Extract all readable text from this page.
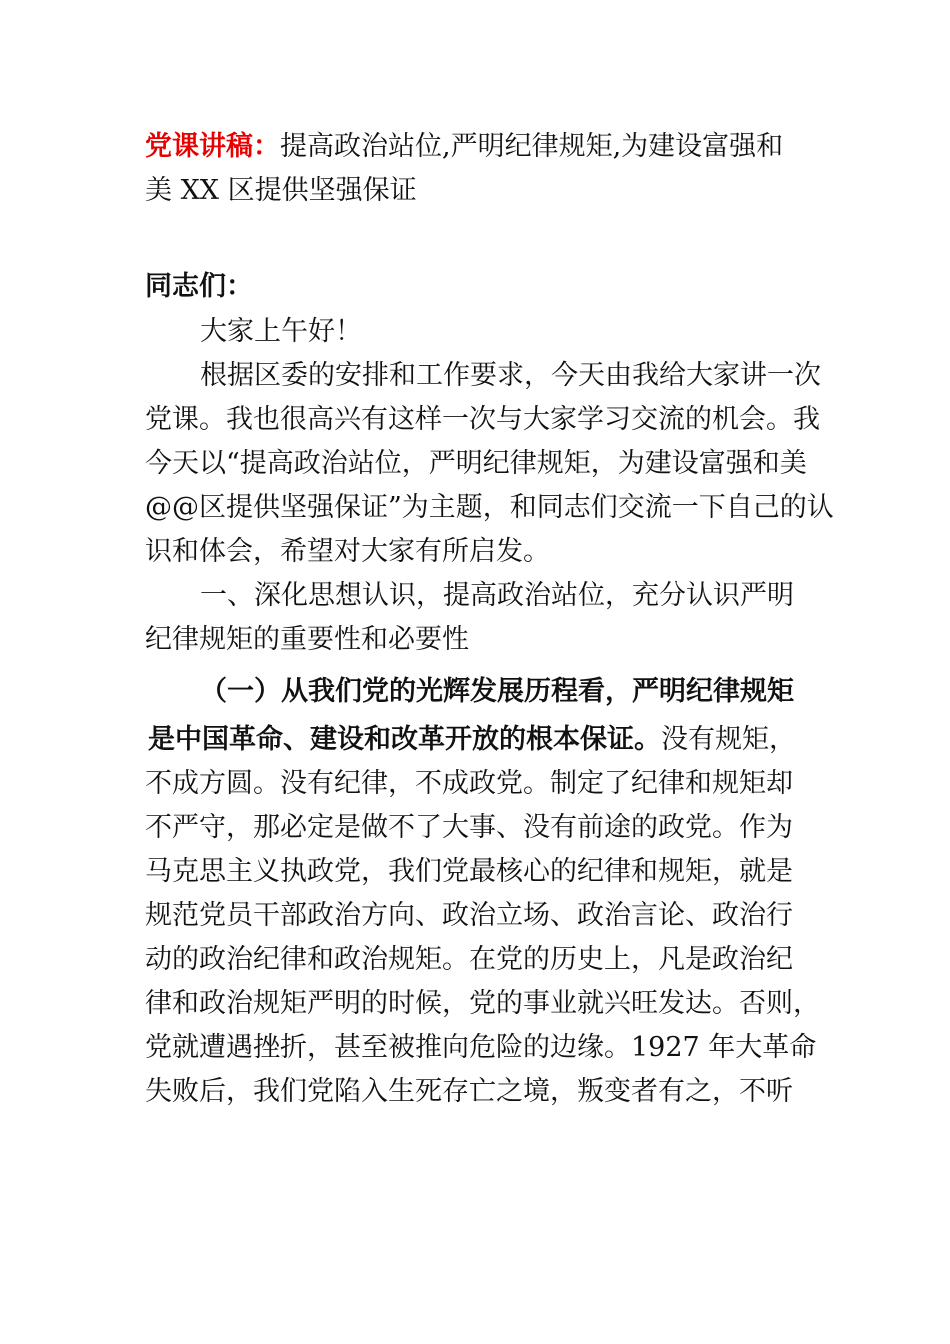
党课讲稿：提高政治站位,严明纪律规矩,为建设富强和
美 XX 区提供坚强保证
同志们：
大家上午好！
根据区委的安排和工作要求，今天由我给大家讲一次
党课。我也很高兴有这样一次与大家学习交流的机会。我
今天以“提高政治站位，严明纪律规矩，为建设富强和美
@@区提供坚强保证”为主题，和同志们交流一下自己的认
识和体会，希望对大家有所启发。
一、深化思想认识，提高政治站位，充分认识严明
纪律规矩的重要性和必要性
（一）从我们党的光辉发展历程看，严明纪律规矩
是中国革命、建设和改革开放的根本保证。没有规矩，
不成方圆。没有纪律，不成政党。制定了纪律和规矩却
不严守，那必定是做不了大事、没有前途的政党。作为
马克思主义执政党，我们党最核心的纪律和规矩，就是
规范党员干部政治方向、政治立场、政治言论、政治行
动的政治纪律和政治规矩。在党的历史上，凡是政治纪
律和政治规矩严明的时候，党的事业就兴旺发达。否则，
党就遭遇挫折，甚至被推向危险的边缘。1927 年大革命
失败后，我们党陷入生死存亡之境，叛变者有之，不听
